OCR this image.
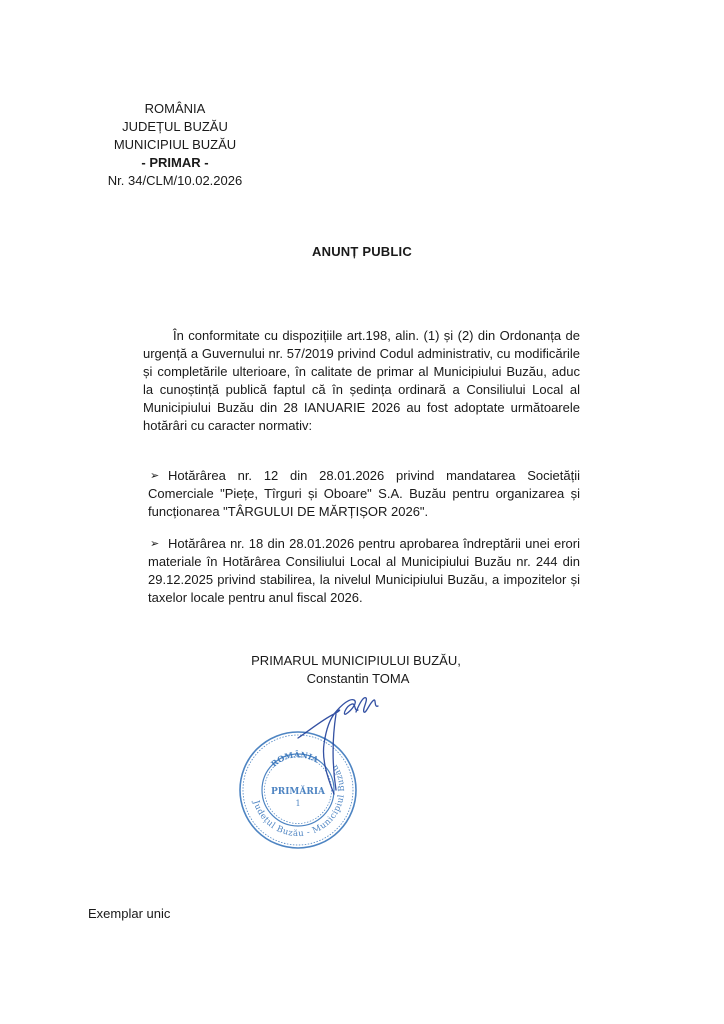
ROMÂNIA
JUDEȚUL BUZĂU
MUNICIPIUL BUZĂU
- PRIMAR -
Nr. 34/CLM/10.02.2026
ANUNȚ PUBLIC

În conformitate cu dispozițiile art.198, alin. (1) și (2) din Ordonanța de urgență a Guvernului nr. 57/2019 privind Codul administrativ, cu modificările și completările ulterioare, în calitate de primar al Municipiului Buzău, aduc la cunoștință publică faptul că în ședința ordinară a Consiliului Local al Municipiului Buzău din 28 IANUARIE 2026 au fost adoptate următoarele hotărâri cu caracter normativ:

➢ Hotărârea nr. 12 din 28.01.2026 privind mandatarea Societății Comerciale "Piețe, Tîrguri și Oboare" S.A. Buzău pentru organizarea și funcționarea "TÂRGULUI DE MĂRȚIȘOR 2026".
➢ Hotărârea nr. 18 din 28.01.2026 pentru aprobarea îndreptării unei erori materiale în Hotărârea Consiliului Local al Municipiului Buzău nr. 244 din 29.12.2025 privind stabilirea, la nivelul Municipiului Buzău, a impozitelor și taxelor locale pentru anul fiscal 2026.
PRIMARUL MUNICIPIULUI BUZĂU,
Constantin TOMA
Județul Buzău - Municipiul Buzău
ROMÂNIA
PRIMĂRIA
1
Exemplar unic
